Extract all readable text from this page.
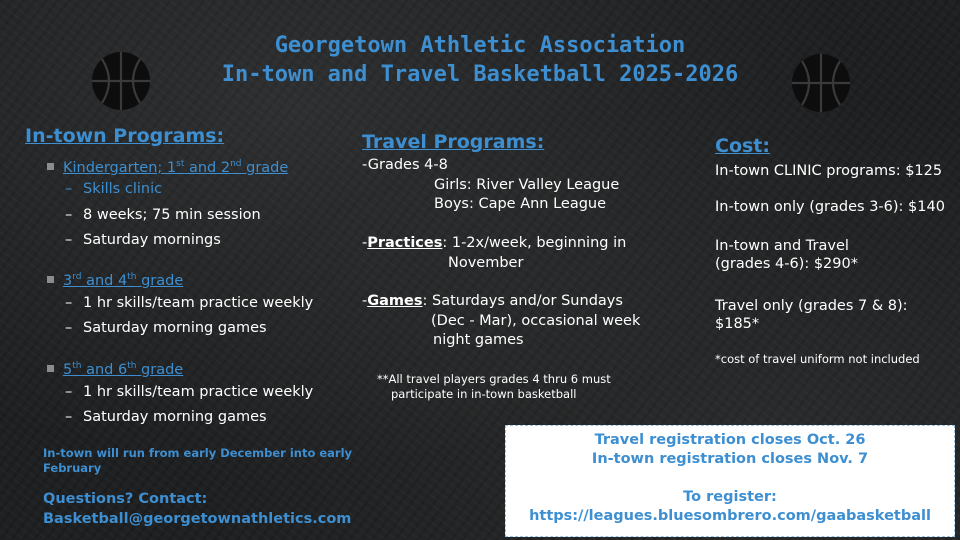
Georgetown Athletic Association
In-town and Travel Basketball 2025-2026
In-town Programs:
Kindergarten; 1st and 2nd grade
– Skills clinic
– 8 weeks; 75 min session
– Saturday mornings
3rd and 4th grade
– 1 hr skills/team practice weekly
– Saturday morning games
5th and 6th grade
– 1 hr skills/team practice weekly
– Saturday morning games
In-town will run from early December into early
February
Questions? Contact:
Basketball@georgetownathletics.com
Travel Programs:
-Grades 4-8
Girls: River Valley League
Boys: Cape Ann League
-Practices: 1-2x/week, beginning in
November
-Games: Saturdays and/or Sundays
(Dec - Mar), occasional week
night games
**All travel players grades 4 thru 6 must
participate in in-town basketball
Cost:
In-town CLINIC programs: $125
In-town only (grades 3-6): $140
In-town and Travel
(grades 4-6): $290*
Travel only (grades 7 & 8):
$185*
*cost of travel uniform not included
Travel registration closes Oct. 26
In-town registration closes Nov. 7
To register:
https://leagues.bluesombrero.com/gaabasketball
